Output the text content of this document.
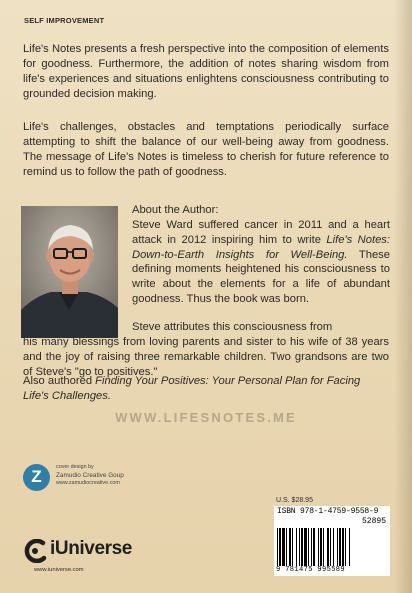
SELF IMPROVEMENT

Life's Notes presents a fresh perspective into the composition of elements for goodness. Furthermore, the addition of notes sharing wisdom from life's experiences and situations enlightens consciousness contributing to grounded decision making.

Life's challenges, obstacles and temptations periodically surface attempting to shift the balance of our well-being away from goodness. The message of Life's Notes is timeless to cherish for future reference to remind us to follow the path of goodness.

About the Author:

Steve Ward suffered cancer in 2011 and a heart attack in 2012 inspiring him to write Life's Notes: Down-to-Earth Insights for Well-Being. These defining moments heightened his consciousness to write about the elements for a life of abundant goodness. Thus the book was born.

Steve attributes this consciousness from

his many blessings from loving parents and sister to his wife of 38 years and the joy of raising three remarkable children. Two grandsons are two of Steve's "go to positives."

Also authored Finding Your Positives: Your Personal Plan for Facing Life's Challenges.

WWW.LIFESNOTES.ME
Z	cover design by
Zamudio Creative Goup
www.zamudiocreative.com
U.S. $28.95
ISBN 978-1-4759-9558-9
52895
9 781475 995589
iUniverse
www.iuniverse.com
